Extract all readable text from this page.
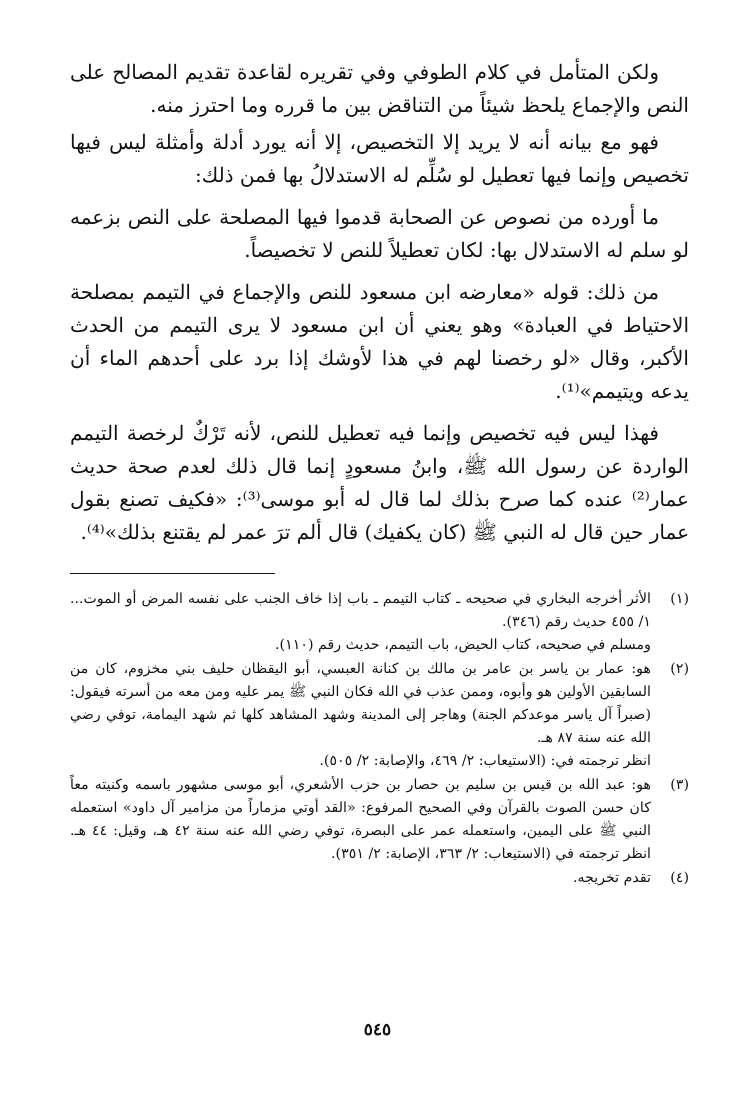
ولكن المتأمل في كلام الطوفي وفي تقريره لقاعدة تقديم المصالح على النص والإجماع يلحظ شيئاً من التناقض بين ما قرره وما احترز منه.

فهو مع بيانه أنه لا يريد إلا التخصيص، إلا أنه يورد أدلة وأمثلة ليس فيها تخصيص وإنما فيها تعطيل لو سُلِّم له الاستدلالُ بها فمن ذلك:

ما أورده من نصوص عن الصحابة قدموا فيها المصلحة على النص بزعمه لو سلم له الاستدلال بها: لكان تعطيلاً للنص لا تخصيصاً.

من ذلك: قوله «معارضه ابن مسعود للنص والإجماع في التيمم بمصلحة الاحتياط في العبادة» وهو يعني أن ابن مسعود لا يرى التيمم من الحدث الأكبر، وقال «لو رخصنا لهم في هذا لأوشك إذا برد على أحدهم الماء أن يدعه ويتيمم»⁽¹⁾.

فهذا ليس فيه تخصيص وإنما فيه تعطيل للنص، لأنه تَرْكٌ لرخصة التيمم الواردة عن رسول الله ﷺ، وابنُ مسعودٍ إنما قال ذلك لعدم صحة حديث عمار⁽²⁾ عنده كما صرح بذلك لما قال له أبو موسى⁽³⁾: «فكيف تصنع بقول عمار حين قال له النبي ﷺ (كان يكفيك) قال ألم ترَ عمر لم يقتنع بذلك»⁽⁴⁾.

(١)
الأثر أخرجه البخاري في صحيحه ـ كتاب التيمم ـ باب إذا خاف الجنب على نفسه المرض أو الموت... ١/ ٤٥٥ حديث رقم (٣٤٦).
ومسلم في صحيحه، كتاب الحيض، باب التيمم، حديث رقم (١١٠).
(٢)
هو: عمار بن ياسر بن عامر بن مالك بن كنانة العبسي، أبو اليقظان حليف بني مخزوم، كان من السابقين الأولين هو وأبوه، وممن عذب في الله فكان النبي ﷺ يمر عليه ومن معه من أسرته فيقول: (صبراً آل ياسر موعدكم الجنة) وهاجر إلى المدينة وشهد المشاهد كلها ثم شهد اليمامة، توفي رضي الله عنه سنة ٨٧ هـ.
انظر ترجمته في: (الاستيعاب: ٢/ ٤٦٩، والإصابة: ٢/ ٥٠٥).
(٣)
هو: عبد الله بن قيس بن سليم بن حصار بن حزب الأشعري، أبو موسى مشهور باسمه وكنيته معاً كان حسن الصوت بالقرآن وفي الصحيح المرفوع: «القد أوتي مزماراً من مزامير آل داود» استعمله النبي ﷺ على اليمين، واستعمله عمر على البصرة، توفي رضي الله عنه سنة ٤٢ هـ، وقيل: ٤٤ هـ. انظر ترجمته في (الاستيعاب: ٢/ ٣٦٣، الإصابة: ٢/ ٣٥١).
(٤)
تقدم تخريجه.
٥٤٥
